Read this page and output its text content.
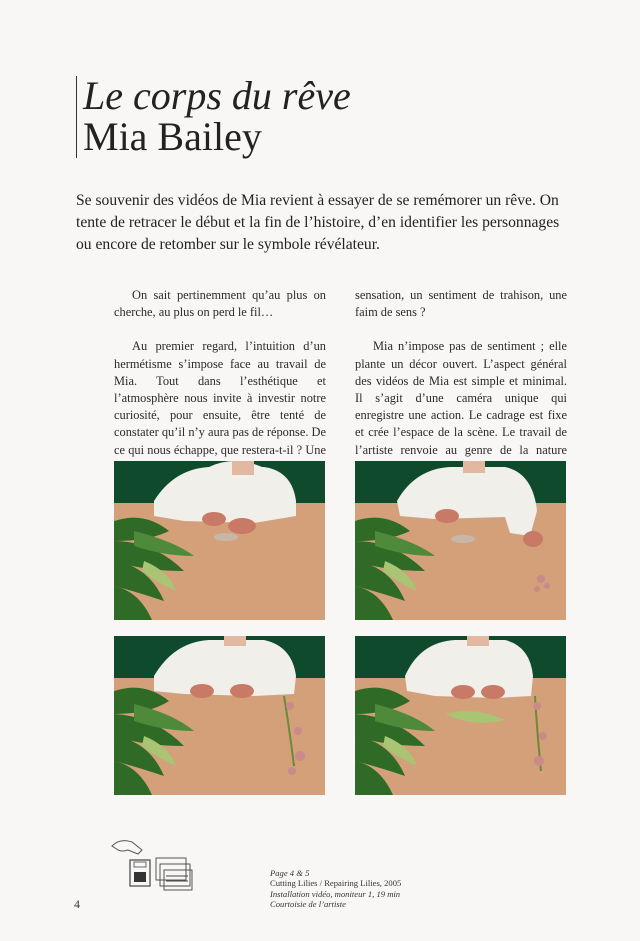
Le corps du rêve
Mia Bailey

Se souvenir des vidéos de Mia revient à essayer de se remémorer un rêve. On tente de retracer le début et la fin de l’histoire, d’en identifier les personnages ou encore de retomber sur le symbole révélateur.

On sait pertinemment qu’au plus on cherche, au plus on perd le fil…

Au premier regard, l’intuition d’un hermétisme s’impose face au travail de Mia. Tout dans l’esthétique et l’atmosphère nous invite à investir notre curiosité, pour ensuite, être tenté de constater qu’il n’y aura pas de réponse. De ce qui nous échappe, que restera-t-il ? Une

sensation, un sentiment de trahison, une faim de sens ?

Mia n’impose pas de sentiment ; elle plante un décor ouvert. L’aspect général des vidéos de Mia est simple et minimal. Il s’agit d’une caméra unique qui enregistre une action. Le cadrage est fixe et crée l’espace de la scène. Le travail de l’artiste renvoie au genre de la nature

4
Page 4 & 5
Cutting Lilies / Repairing Lilies, 2005
Installation vidéo, moniteur 1, 19 min
Courtoisie de l’artiste
